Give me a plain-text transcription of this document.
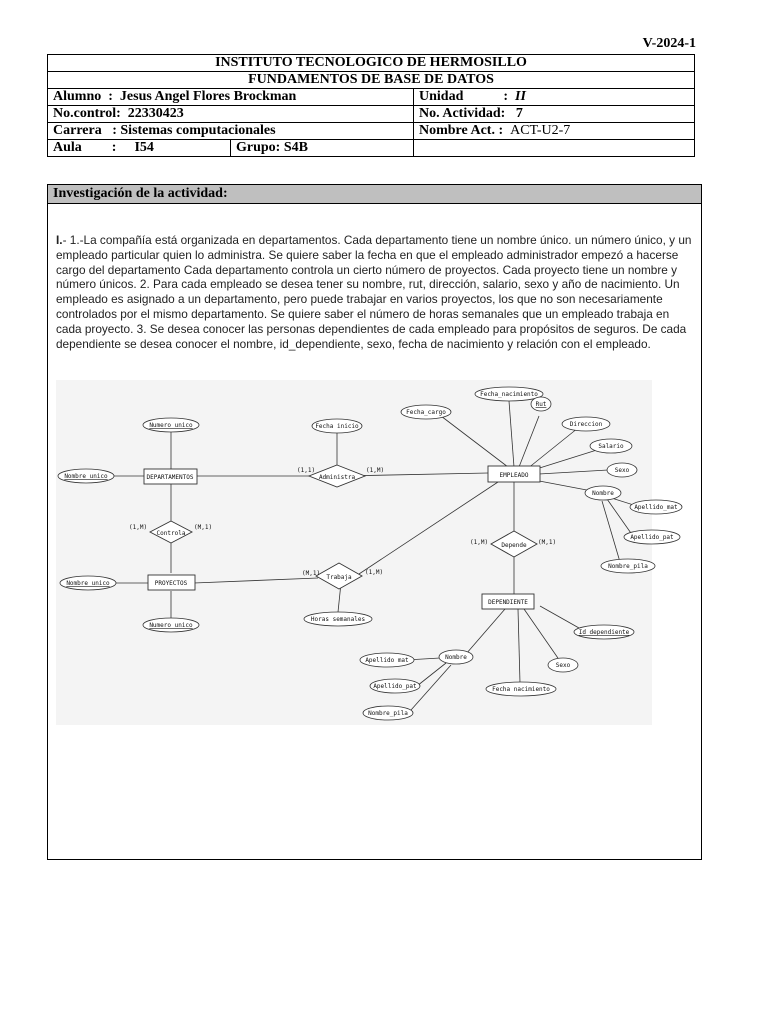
V-2024-1
INSTITUTO TECNOLOGICO DE HERMOSILLO		
FUNDAMENTOS DE BASE DE DATOS		
Alumno  :  Jesus Angel Flores Brockman		Unidad :  II
No.control: 22330423		No. Actividad: 7
Carrera   : Sistemas computacionales		Nombre Act. : ACT-U2-7
Aula : I54	Grupo: S4B	
Investigación de la actividad:
I.- 1.-La compañía está organizada en departamentos. Cada departamento tiene un nombre único. un número único, y un empleado particular quien lo administra. Se quiere saber la fecha en que el empleado administrador empezó a hacerse cargo del departamento Cada departamento controla un cierto número de proyectos. Cada proyecto tiene un nombre y número únicos. 2. Para cada empleado se desea tener su nombre, rut, dirección, salario, sexo y año de nacimiento. Un empleado es asignado a un departamento, pero puede trabajar en varios proyectos, los que no son necesariamente controlados por el mismo departamento. Se quiere saber el número de horas semanales que un empleado trabaja en cada proyecto. 3. Se desea conocer las personas dependientes de cada empleado para propósitos de seguros. De cada dependiente se desea conocer el nombre, id_dependiente, sexo, fecha de nacimiento y relación con el empleado.
DEPARTAMENTOS
PROYECTOS
EMPLEADO
DEPENDIENTE
Administra
Controla
Trabaja
Depende
(1,1)	(1,M)
(1,M)	(M,1)
(M,1)	(1,M)
(1,M)	(M,1)
Numero unico
Nombre unico
Nombre unico
Numero unico
Fecha inicio
Horas semanales
Fecha_nacimiento
Fecha_cargo
Rut
Direccion
Salario
Sexo
Nombre
Apellido_mat
Apellido_pat
Nombre_pila
Id dependiente
Sexo
Fecha nacimiento
Nombre
Apellido mat
Apellido_pat
Nombre_pila
